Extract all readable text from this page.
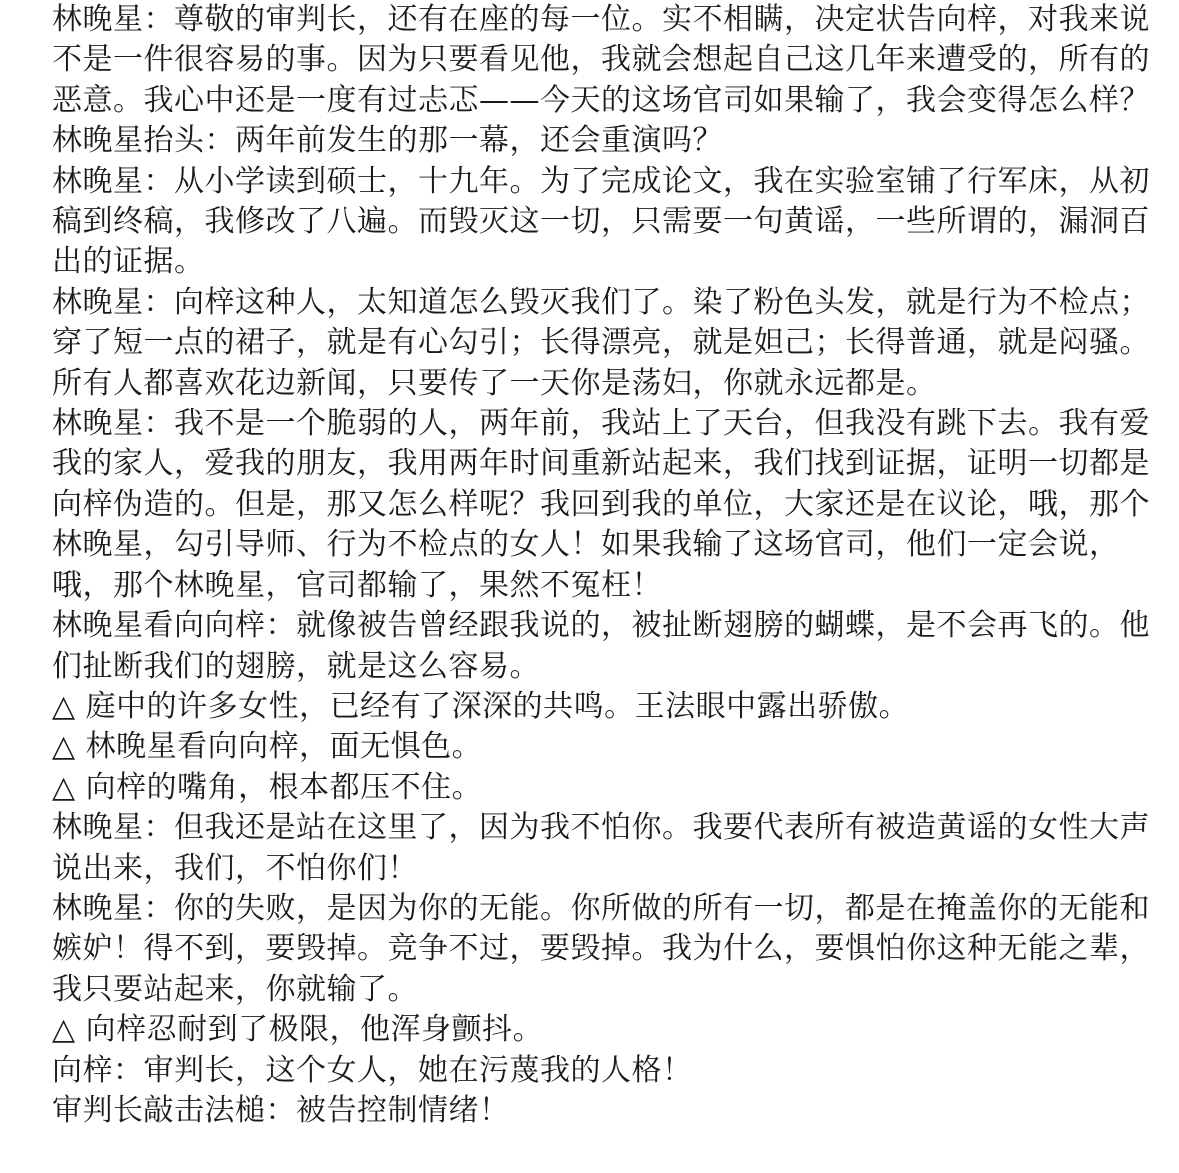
林晚星：尊敬的审判长，还有在座的每一位。实不相瞒，决定状告向梓，对我来说不是一件很容易的事。因为只要看见他，我就会想起自己这几年来遭受的，所有的恶意。我心中还是一度有过忐忑——今天的这场官司如果输了，我会变得怎么样？

林晚星抬头：两年前发生的那一幕，还会重演吗？

林晚星：从小学读到硕士，十九年。为了完成论文，我在实验室铺了行军床，从初稿到终稿，我修改了八遍。而毁灭这一切，只需要一句黄谣，一些所谓的，漏洞百出的证据。

林晚星：向梓这种人，太知道怎么毁灭我们了。染了粉色头发，就是行为不检点；穿了短一点的裙子，就是有心勾引；长得漂亮，就是妲己；长得普通，就是闷骚。所有人都喜欢花边新闻，只要传了一天你是荡妇，你就永远都是。

林晚星：我不是一个脆弱的人，两年前，我站上了天台，但我没有跳下去。我有爱我的家人，爱我的朋友，我用两年时间重新站起来，我们找到证据，证明一切都是向梓伪造的。但是，那又怎么样呢？我回到我的单位，大家还是在议论，哦，那个林晚星，勾引导师、行为不检点的女人！如果我输了这场官司，他们一定会说，哦，那个林晚星，官司都输了，果然不冤枉！

林晚星看向向梓：就像被告曾经跟我说的，被扯断翅膀的蝴蝶，是不会再飞的。他们扯断我们的翅膀，就是这么容易。

△ 庭中的许多女性，已经有了深深的共鸣。王法眼中露出骄傲。

△ 林晚星看向向梓，面无惧色。

△ 向梓的嘴角，根本都压不住。

林晚星：但我还是站在这里了，因为我不怕你。我要代表所有被造黄谣的女性大声说出来，我们，不怕你们！

林晚星：你的失败，是因为你的无能。你所做的所有一切，都是在掩盖你的无能和嫉妒！得不到，要毁掉。竞争不过，要毁掉。我为什么，要惧怕你这种无能之辈，我只要站起来，你就输了。

△ 向梓忍耐到了极限，他浑身颤抖。

向梓：审判长，这个女人，她在污蔑我的人格！

审判长敲击法槌：被告控制情绪！
